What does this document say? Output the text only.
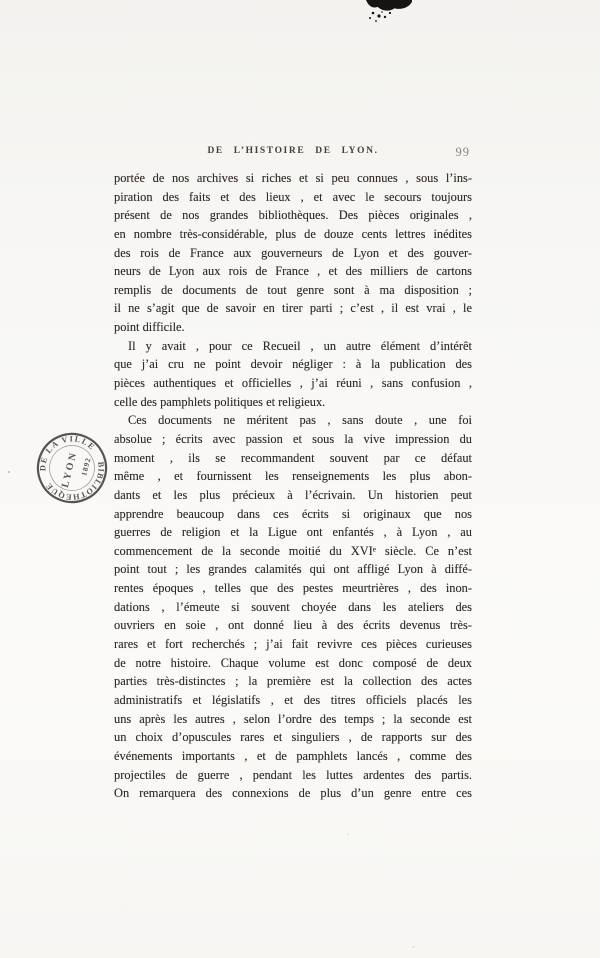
DE L’HISTOIRE DE LYON.	99
DE LA VILLE
BIBLIOTHEQUE LYON 1892
portée de nos archives si riches et si peu connues , sous l’ins-
piration des faits et des lieux , et avec le secours toujours
présent de nos grandes bibliothèques. Des pièces originales ,
en nombre très-considérable, plus de douze cents lettres inédites
des rois de France aux gouverneurs de Lyon et des gouver-
neurs de Lyon aux rois de France , et des milliers de cartons
remplis de documents de tout genre sont à ma disposition ;
il ne s’agit que de savoir en tirer parti ; c’est , il est vrai , le
point difficile.
Il y avait , pour ce Recueil , un autre élément d’intérêt
que j’ai cru ne point devoir négliger : à la publication des
pièces authentiques et officielles , j’ai réuni , sans confusion ,
celle des pamphlets politiques et religieux.
Ces documents ne méritent pas , sans doute , une foi
absolue ; écrits avec passion et sous la vive impression du
moment , ils se recommandent souvent par ce défaut
même , et fournissent les renseignements les plus abon-
dants et les plus précieux à l’écrivain. Un historien peut
apprendre beaucoup dans ces écrits si originaux que nos
guerres de religion et la Ligue ont enfantés , à Lyon , au
commencement de la seconde moitié du XVIᵉ siècle. Ce n’est
point tout ; les grandes calamités qui ont affligé Lyon à diffé-
rentes époques , telles que des pestes meurtrières , des inon-
dations , l’émeute si souvent choyée dans les ateliers des
ouvriers en soie , ont donné lieu à des écrits devenus très-
rares et fort recherchés ; j’ai fait revivre ces pièces curieuses
de notre histoire. Chaque volume est donc composé de deux
parties très-distinctes ; la première est la collection des actes
administratifs et législatifs , et des titres officiels placés les
uns après les autres , selon l’ordre des temps ; la seconde est
un choix d’opuscules rares et singuliers , de rapports sur des
événements importants , et de pamphlets lancés , comme des
projectiles de guerre , pendant les luttes ardentes des partis.
On remarquera des connexions de plus d’un genre entre ces
